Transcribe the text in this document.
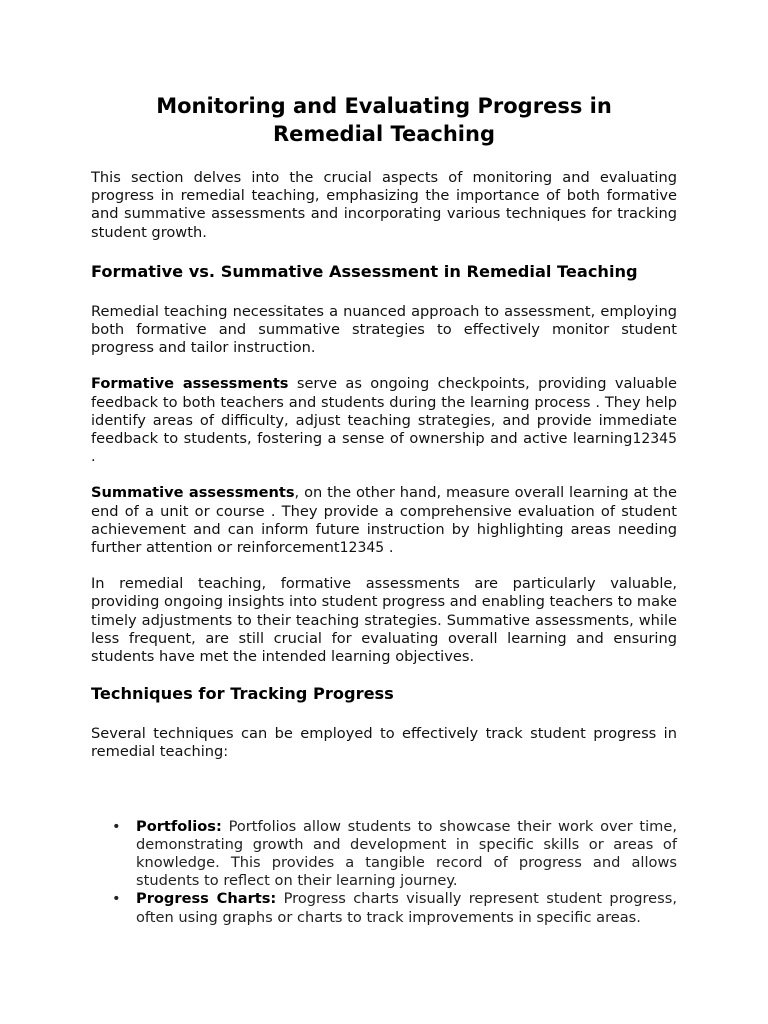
Monitoring and Evaluating Progress in
Remedial Teaching

This section delves into the crucial aspects of monitoring and evaluating progress in remedial teaching, emphasizing the importance of both formative and summative assessments and incorporating various techniques for tracking student growth.

Formative vs. Summative Assessment in Remedial Teaching

Remedial teaching necessitates a nuanced approach to assessment, employing both formative and summative strategies to effectively monitor student progress and tailor instruction.

Formative assessments serve as ongoing checkpoints, providing valuable feedback to both teachers and students during the learning process . They help identify areas of difficulty, adjust teaching strategies, and provide immediate feedback to students, fostering a sense of ownership and active learning12345 .

Summative assessments, on the other hand, measure overall learning at the end of a unit or course . They provide a comprehensive evaluation of student achievement and can inform future instruction by highlighting areas needing further attention or reinforcement12345 .

In remedial teaching, formative assessments are particularly valuable, providing ongoing insights into student progress and enabling teachers to make timely adjustments to their teaching strategies. Summative assessments, while less frequent, are still crucial for evaluating overall learning and ensuring students have met the intended learning objectives.

Techniques for Tracking Progress

Several techniques can be employed to effectively track student progress in remedial teaching:

• Portfolios: Portfolios allow students to showcase their work over time, demonstrating growth and development in specific skills or areas of knowledge. This provides a tangible record of progress and allows students to reflect on their learning journey.
• Progress Charts: Progress charts visually represent student progress, often using graphs or charts to track improvements in specific areas.
